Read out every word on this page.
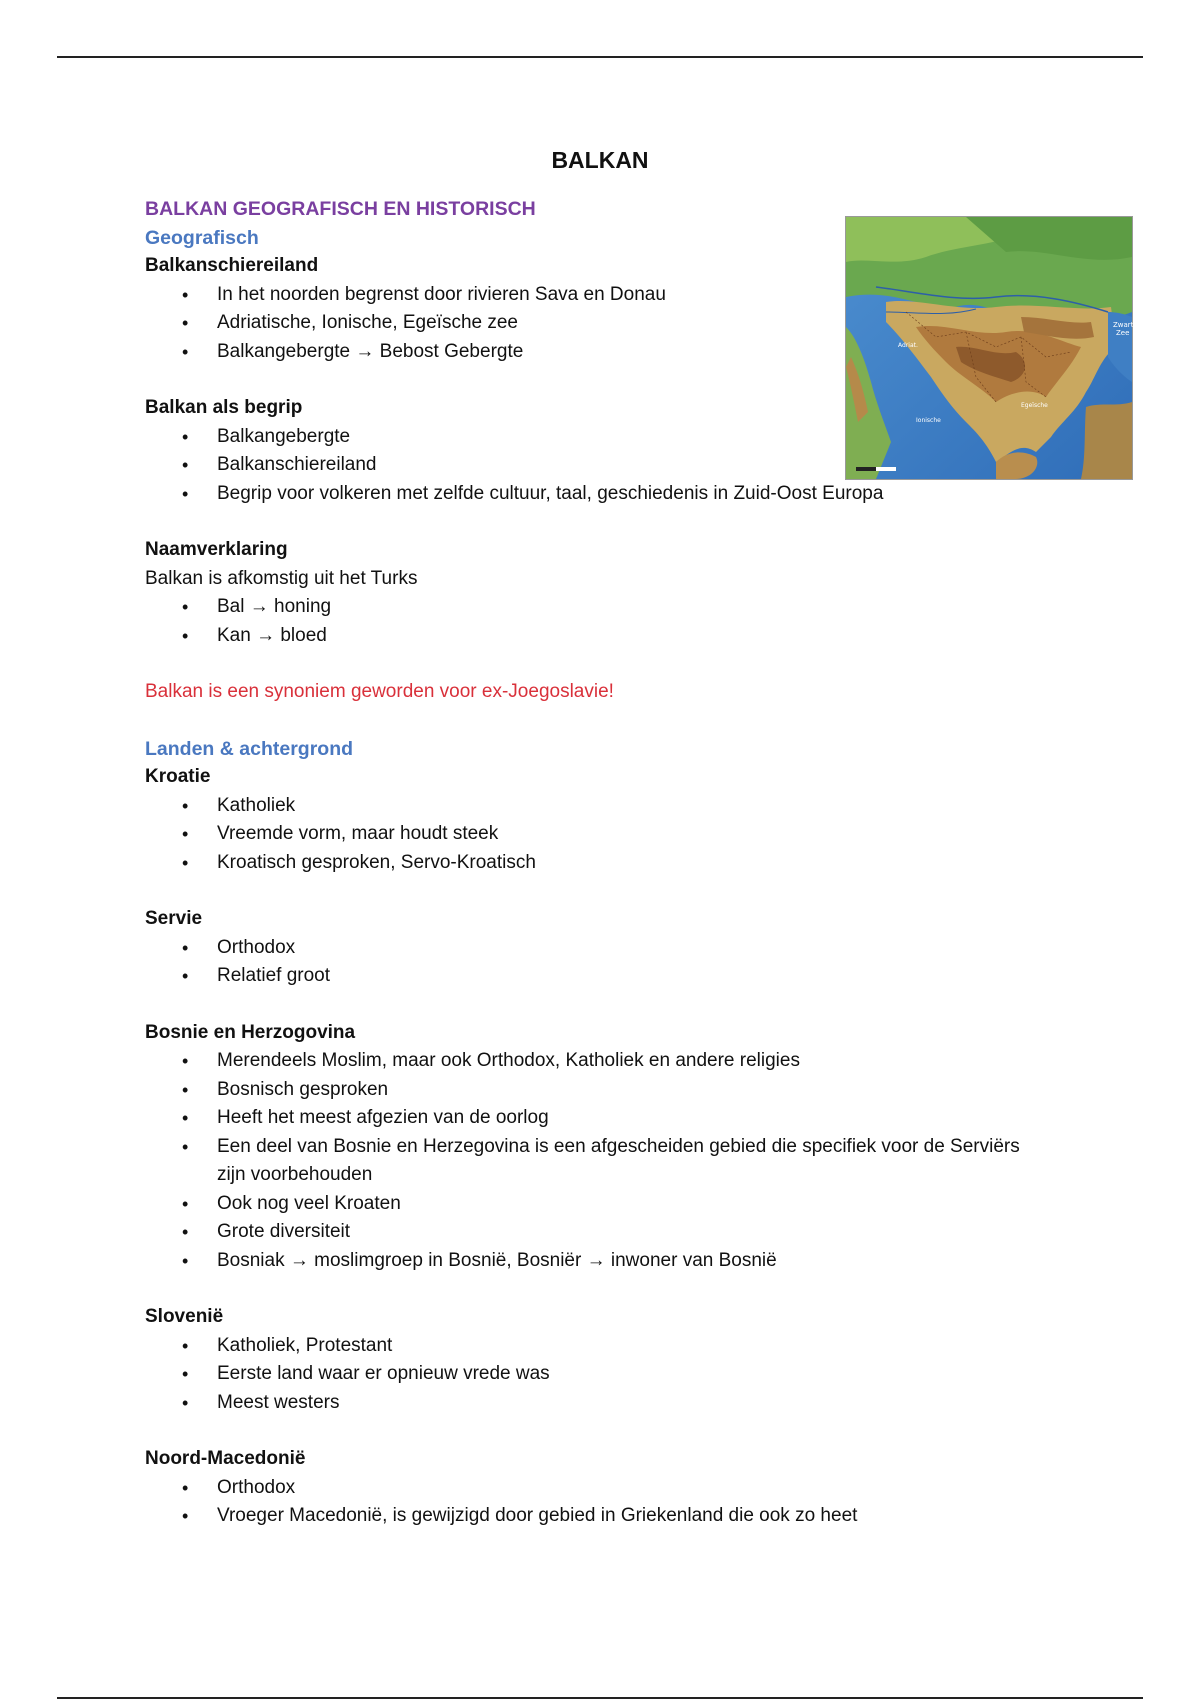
Zwarte
Zee
Adriat.
Ionische
Egeïsche
BALKAN

BALKAN GEOGRAFISCH EN HISTORISCH

Geografisch

Balkanschiereiland

• In het noorden begrenst door rivieren Sava en Donau
• Adriatische, Ionische, Egeïsche zee
• Balkangebergte → Bebost Gebergte

Balkan als begrip

• Balkangebergte
• Balkanschiereiland
• Begrip voor volkeren met zelfde cultuur, taal, geschiedenis in Zuid-Oost Europa

Naamverklaring

Balkan is afkomstig uit het Turks

• Bal → honing
• Kan → bloed

Balkan is een synoniem geworden voor ex-Joegoslavie!

Landen & achtergrond

Kroatie

• Katholiek
• Vreemde vorm, maar houdt steek
• Kroatisch gesproken, Servo-Kroatisch

Servie

• Orthodox
• Relatief groot

Bosnie en Herzogovina

• Merendeels Moslim, maar ook Orthodox, Katholiek en andere religies
• Bosnisch gesproken
• Heeft het meest afgezien van de oorlog
• Een deel van Bosnie en Herzegovina is een afgescheiden gebied die specifiek voor de Serviërs zijn voorbehouden
• Ook nog veel Kroaten
• Grote diversiteit
• Bosniak → moslimgroep in Bosnië, Bosniër → inwoner van Bosnië

Slovenië

• Katholiek, Protestant
• Eerste land waar er opnieuw vrede was
• Meest westers

Noord-Macedonië

• Orthodox
• Vroeger Macedonië, is gewijzigd door gebied in Griekenland die ook zo heet
